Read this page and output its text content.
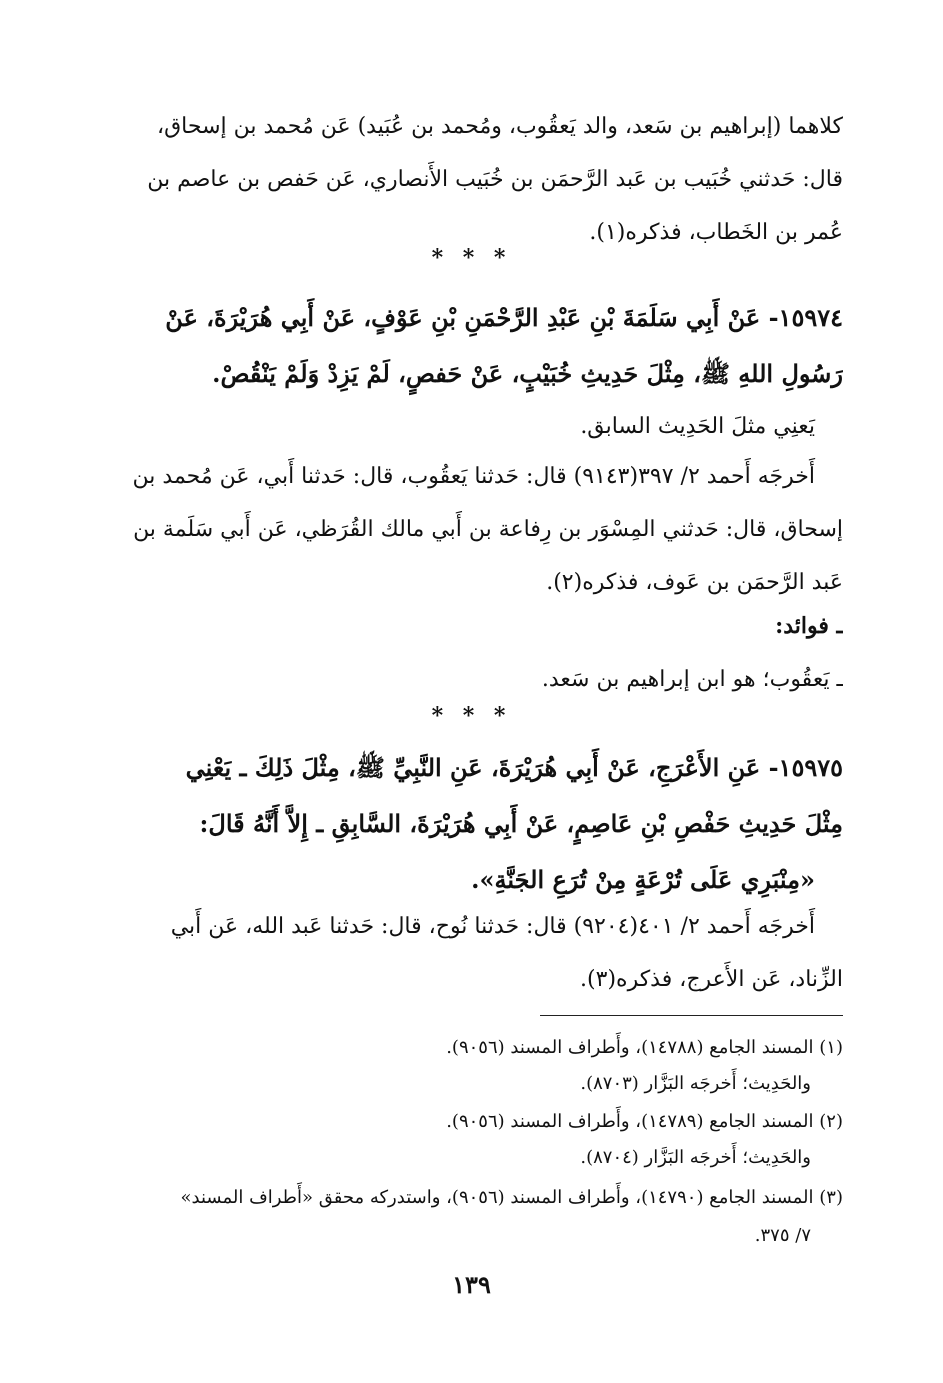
كلاهما (إبراهيم بن سَعد، والد يَعقُوب، ومُحمد بن عُبَيد) عَن مُحمد بن إسحاق،
قال: حَدثني خُبَيب بن عَبد الرَّحمَن بن خُبَيب الأَنصاري، عَن حَفص بن عاصم بن
عُمر بن الخَطاب، فذكره(١).
* * *
١٥٩٧٤- عَنْ أَبِي سَلَمَةَ بْنِ عَبْدِ الرَّحْمَنِ بْنِ عَوْفٍ، عَنْ أَبِي هُرَيْرَةَ، عَنْ
رَسُولِ اللهِ ﷺ، مِثْلَ حَدِيثِ خُبَيْبٍ، عَنْ حَفصٍ، لَمْ يَزِدْ وَلَمْ يَنْقُصْ.
يَعنِي مثلَ الحَدِيث السابق.
أَخرجَه أَحمد ٢/ ٣٩٧(٩١٤٣) قال: حَدثنا يَعقُوب، قال: حَدثنا أَبي، عَن مُحمد بن
إسحاق، قال: حَدثني المِسْوَر بن رِفاعة بن أَبي مالك القُرَظي، عَن أَبي سَلَمة بن
عَبد الرَّحمَن بن عَوف، فذكره(٢).
ـ فوائد:
ـ يَعقُوب؛ هو ابن إبراهيم بن سَعد.
* * *
١٥٩٧٥- عَنِ الأَعْرَجِ، عَنْ أَبِي هُرَيْرَةَ، عَنِ النَّبِيِّ ﷺ، مِثْلَ ذَلِكَ ـ يَعْنِي
مِثْلَ حَدِيثِ حَفْصِ بْنِ عَاصِمٍ، عَنْ أَبِي هُرَيْرَةَ، السَّابِقِ ـ إِلاَّ أَنَّهُ قَالَ:
«مِنْبَرِي عَلَى تُرْعَةٍ مِنْ تُرَعِ الجَنَّةِ».
أَخرجَه أَحمد ٢/ ٤٠١(٩٢٠٤) قال: حَدثنا نُوح، قال: حَدثنا عَبد الله، عَن أَبي
الزِّناد، عَن الأَعرج، فذكره(٣).
(١) المسند الجامع (١٤٧٨٨)، وأَطراف المسند (٩٠٥٦).
والحَدِيث؛ أَخرجَه البَزَّار (٨٧٠٣).
(٢) المسند الجامع (١٤٧٨٩)، وأَطراف المسند (٩٠٥٦).
والحَدِيث؛ أَخرجَه البَزَّار (٨٧٠٤).
(٣) المسند الجامع (١٤٧٩٠)، وأَطراف المسند (٩٠٥٦)، واستدركه محقق «أَطراف المسند»
٧/ ٣٧٥.
١٣٩
